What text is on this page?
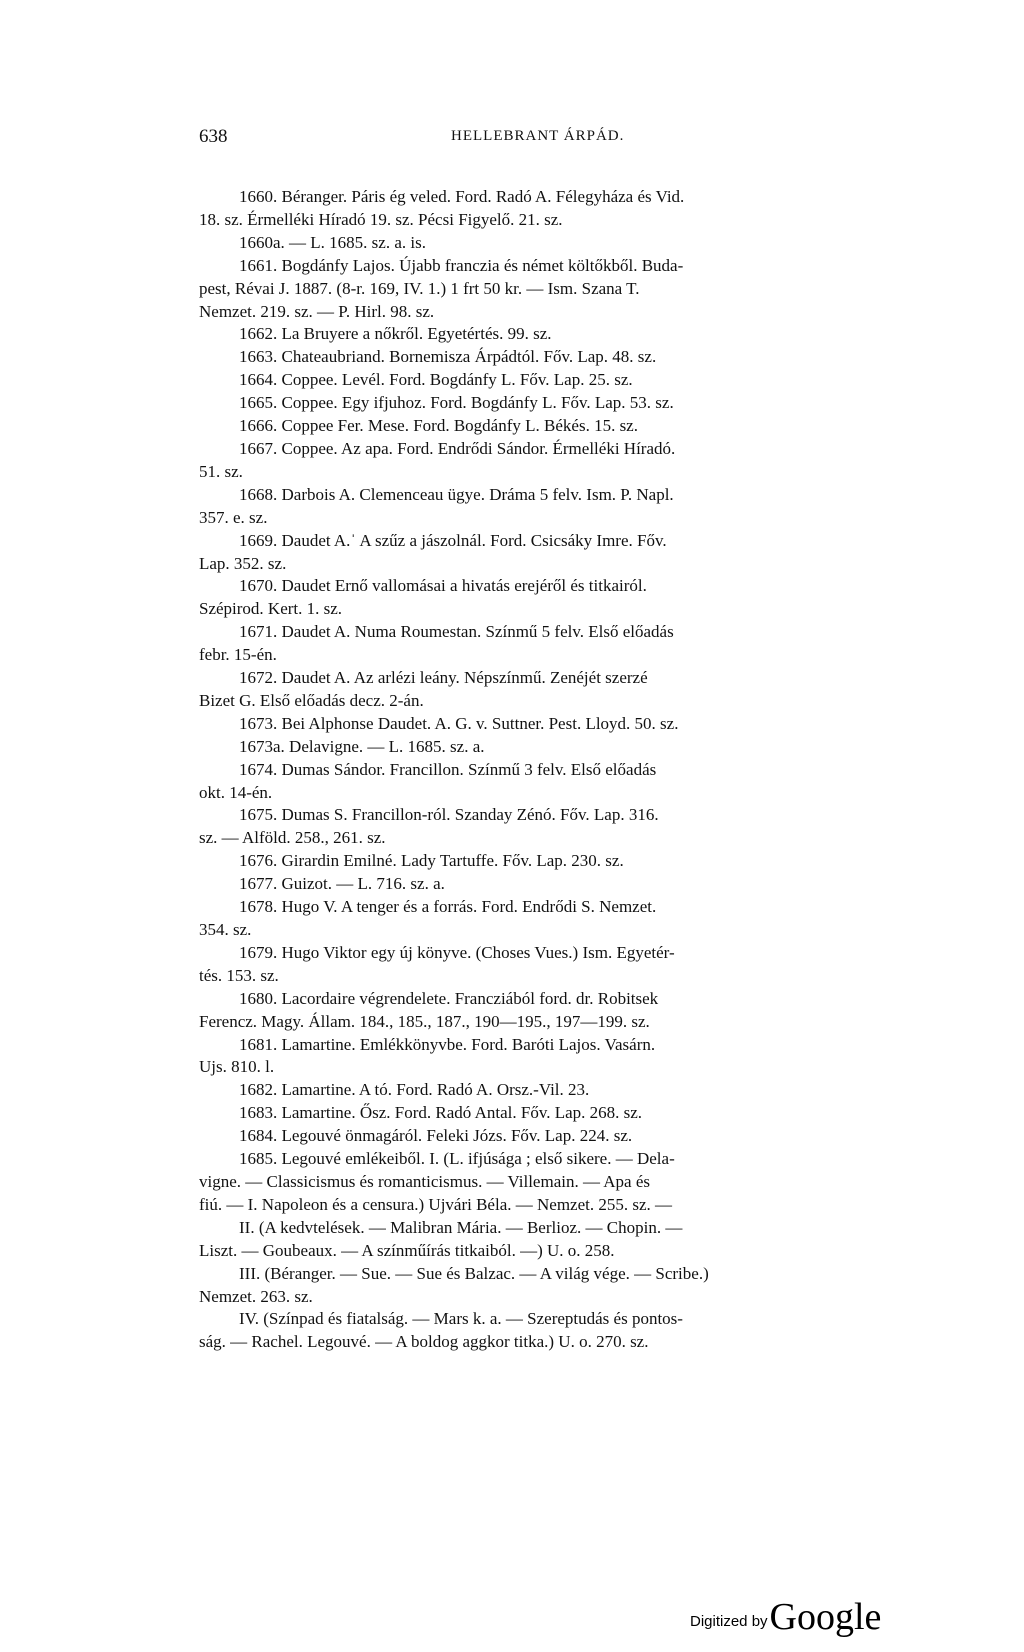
638	HELLEBRANT ÁRPÁD.
1660. Béranger. Páris ég veled. Ford. Radó A. Félegyháza és Vid.
18. sz. Érmelléki Híradó 19. sz. Pécsi Figyelő. 21. sz.
1660a. — L. 1685. sz. a. is.
1661. Bogdánfy Lajos. Újabb franczia és német költőkből. Buda-
pest, Révai J. 1887. (8-r. 169, IV. 1.) 1 frt 50 kr. — Ism. Szana T.
Nemzet. 219. sz. — P. Hirl. 98. sz.
1662. La Bruyere a nőkről. Egyetértés. 99. sz.
1663. Chateaubriand. Bornemisza Árpádtól. Főv. Lap. 48. sz.
1664. Coppee. Levél. Ford. Bogdánfy L. Főv. Lap. 25. sz.
1665. Coppee. Egy ifjuhoz. Ford. Bogdánfy L. Főv. Lap. 53. sz.
1666. Coppee Fer. Mese. Ford. Bogdánfy L. Békés. 15. sz.
1667. Coppee. Az apa. Ford. Endrődi Sándor. Érmelléki Híradó.
51. sz.
1668. Darbois A. Clemenceau ügye. Dráma 5 felv. Ism. P. Napl.
357. e. sz.
1669. Daudet A.ˈ A szűz a jászolnál. Ford. Csicsáky Imre. Főv.
Lap. 352. sz.
1670. Daudet Ernő vallomásai a hivatás erejéről és titkairól.
Szépirod. Kert. 1. sz.
1671. Daudet A. Numa Roumestan. Színmű 5 felv. Első előadás
febr. 15-én.
1672. Daudet A. Az arlézi leány. Népszínmű. Zenéjét szerzé
Bizet G. Első előadás decz. 2-án.
1673. Bei Alphonse Daudet. A. G. v. Suttner. Pest. Lloyd. 50. sz.
1673a. Delavigne. — L. 1685. sz. a.
1674. Dumas Sándor. Francillon. Színmű 3 felv. Első előadás
okt. 14-én.
1675. Dumas S. Francillon-ról. Szanday Zénó. Főv. Lap. 316.
sz. — Alföld. 258., 261. sz.
1676. Girardin Emilné. Lady Tartuffe. Főv. Lap. 230. sz.
1677. Guizot. — L. 716. sz. a.
1678. Hugo V. A tenger és a forrás. Ford. Endrődi S. Nemzet.
354. sz.
1679. Hugo Viktor egy új könyve. (Choses Vues.) Ism. Egyetér-
tés. 153. sz.
1680. Lacordaire végrendelete. Francziából ford. dr. Robitsek
Ferencz. Magy. Állam. 184., 185., 187., 190—195., 197—199. sz.
1681. Lamartine. Emlékkönyvbe. Ford. Baróti Lajos. Vasárn.
Ujs. 810. l.
1682. Lamartine. A tó. Ford. Radó A. Orsz.-Vil. 23.
1683. Lamartine. Ősz. Ford. Radó Antal. Főv. Lap. 268. sz.
1684. Legouvé önmagáról. Feleki Józs. Főv. Lap. 224. sz.
1685. Legouvé emlékeiből. I. (L. ifjúsága ; első sikere. — Dela-
vigne. — Classicismus és romanticismus. — Villemain. — Apa és
fiú. — I. Napoleon és a censura.) Ujvári Béla. — Nemzet. 255. sz. —
II. (A kedvtelések. — Malibran Mária. — Berlioz. — Chopin. —
Liszt. — Goubeaux. — A színműírás titkaiból. —) U. o. 258.
III. (Béranger. — Sue. — Sue és Balzac. — A világ vége. — Scribe.)
Nemzet. 263. sz.
IV. (Színpad és fiatalság. — Mars k. a. — Szereptudás és pontos-
ság. — Rachel. Legouvé. — A boldog aggkor titka.) U. o. 270. sz.
Digitized by Google
